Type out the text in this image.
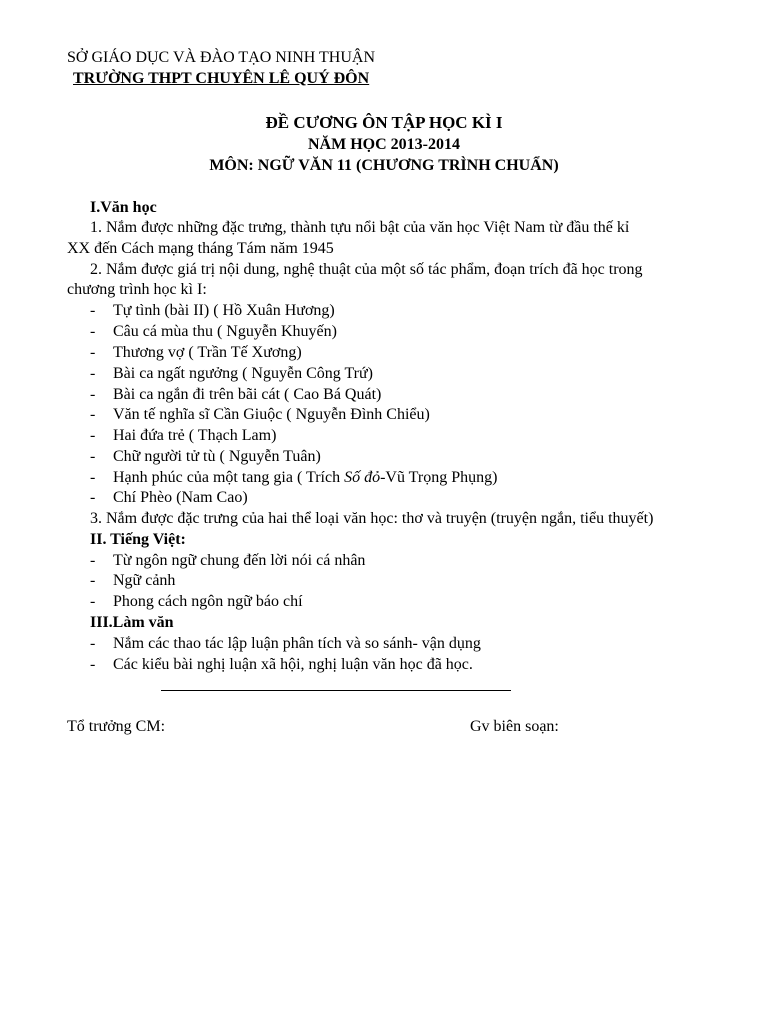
SỞ GIÁO DỤC VÀ ĐÀO TẠO NINH THUẬN
TRƯỜNG THPT CHUYÊN LÊ QUÝ ĐÔN
ĐỀ CƯƠNG ÔN TẬP HỌC KÌ I
NĂM HỌC 2013-2014
MÔN: NGỮ VĂN 11 (CHƯƠNG TRÌNH CHUẨN)
I.Văn học
1. Nắm được những đặc trưng, thành tựu nổi bật của văn học Việt Nam từ đầu thế kỉ
XX đến Cách mạng tháng Tám năm 1945
2. Nắm được giá trị nội dung, nghệ thuật của một số tác phẩm, đoạn trích đã học trong
chương trình học kì I:
-	Tự tình (bài II) ( Hồ Xuân Hương)
-	Câu cá mùa thu ( Nguyễn Khuyến)
-	Thương vợ ( Trần Tế Xương)
-	Bài ca ngất ngưởng ( Nguyễn Công Trứ)
-	Bài ca ngắn đi trên bãi cát ( Cao Bá Quát)
-	Văn tế nghĩa sĩ Cần Giuộc ( Nguyễn Đình Chiểu)
-	Hai đứa trẻ ( Thạch Lam)
-	Chữ người tử tù ( Nguyễn Tuân)
-	Hạnh phúc của một tang gia ( Trích Số đỏ-Vũ Trọng Phụng)
-	Chí Phèo (Nam Cao)
3. Nắm được đặc trưng của hai thể loại văn học: thơ và truyện (truyện ngắn, tiểu thuyết)
II. Tiếng Việt:
-	Từ ngôn ngữ chung đến lời nói cá nhân
-	Ngữ cảnh
-	Phong cách ngôn ngữ báo chí
III.Làm văn
-	Nắm các thao tác lập luận phân tích và so sánh- vận dụng
-	Các kiểu bài nghị luận xã hội, nghị luận văn học đã học.
Tổ trưởng CM:	Gv biên soạn:
